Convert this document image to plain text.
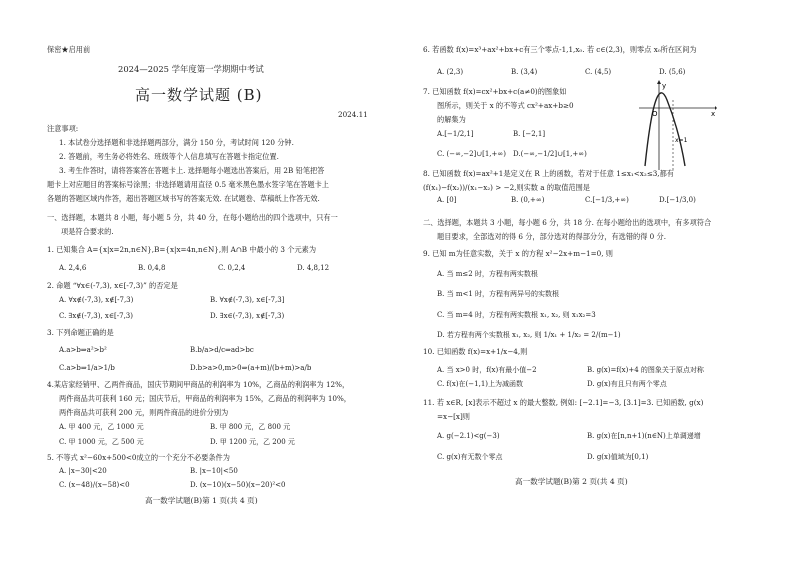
保密★启用前
2024—2025 学年度第一学期期中考试
高一数学试题 (B)
2024.11
注意事项:
1. 本试卷分选择题和非选择题两部分，满分 150 分，考试时间 120 分钟.
2. 答题前，考生务必将姓名、班级等个人信息填写在答题卡指定位置.
3. 考生作答时，请将答案答在答题卡上. 选择题每小题选出答案后，用 2B 铅笔把答
题卡上对应题目的答案标号涂黑；非选择题请用直径 0.5 毫米黑色墨水签字笔在答题卡上
各题的答题区域内作答，超出答题区域书写的答案无效. 在试题卷、草稿纸上作答无效.
一、选择题，本题共 8 小题，每小题 5 分，共 40 分，在每小题给出的四个选项中，只有一
项是符合要求的.
1. 已知集合 A={x|x=2n,n∈N},B={x|x=4n,n∈N},则 A∩B 中最小的 3 个元素为
A. 2,4,6	B. 0,4,8	C. 0,2,4	D. 4,8,12
2. 命题 “∀x∈(-7,3), x∈[-7,3)” 的否定是
A. ∀x∉(-7,3), x∉[-7,3)	B. ∀x∉(-7,3), x∈[-7,3]
C. ∃x∉(-7,3), x∈[-7,3)	D. ∃x∈(-7,3), x∉[-7,3)
3. 下列命题正确的是
A.a>b⇒a²>b²	B.b/a>d/c⇒ad>bc
C.a>b⇒1/a>1/b	D.b>a>0,m>0⇒(a+m)/(b+m)>a/b
4.某店家经销甲、乙两件商品，国庆节期间甲商品的利润率为 10%，乙商品的利润率为 12%，
两件商品共可获利 160 元；国庆节后，甲商品的利润率为 15%，乙商品的利润率为 10%，
两件商品共可获利 200 元，则两件商品的进价分别为
A. 甲 400 元，乙 1000 元	B. 甲 800 元，乙 800 元
C. 甲 1000 元，乙 500 元	D. 甲 1200 元，乙 200 元
5. 不等式 x²−60x+500<0成立的一个充分不必要条件为
A. |x−30|<20	B. |x−10|<50
C. (x−48)/(x−58)<0	D. (x−10)(x−50)(x−20)²<0
高一数学试题(B)第 1 页(共 4 页)
6. 若函数 f(x)=x³+ax²+bx+c有三个零点-1,1,x₀. 若 c∈(2,3)，则零点 x₀所在区间为
A. (2,3)	B. (3,4)	C. (4,5)	D. (5,6)
7. 已知函数 f(x)=cx²+bx+c(a≠0)的图象如
图所示，则关于 x 的不等式 cx²+ax+b≥0
的解集为
A.[−1/2,1]	B. [−2,1]
C. (−∞,−2]∪[1,+∞) D.(−∞,−1/2]∪[1,+∞)
O	x
y
x=1
8. 已知函数 f(x)=ax²+1是定义在 R 上的函数，若对于任意 1≤x₁<x₂≤3,都有
(f(x₁)−f(x₂))/(x₁−x₂) > −2,则实数 a 的取值范围是
A. [0]	B. (0,+∞)	C.[−1/3,+∞)	D.[−1/3,0)
二、选择题，本题共 3 小题，每小题 6 分，共 18 分. 在每小题给出的选项中，有多项符合
题目要求，全部选对的得 6 分，部分选对的得部分分，有选错的得 0 分.
9. 已知 m为任意实数，关于 x 的方程 x²−2x+m−1=0, 则
A. 当 m≤2 时，方程有两实数根
B. 当 m<1 时，方程有两异号的实数根
C. 当 m=4 时，方程有两实数根 x₁, x₂, 则 x₁x₂=3
D. 若方程有两个实数根 x₁, x₂, 则 1/x₁ + 1/x₂ = 2/(m−1)
10. 已知函数 f(x)=x+1/x−4,则
A. 当 x>0 时，f(x)有最小值−2	B. g(x)=f(x)+4 的图象关于原点对称
C. f(x)在(−1,1)上为减函数	D. g(x)有且只有两个零点
11. 若 x∈R, [x]表示不超过 x 的最大整数, 例如: [−2.1]=−3, [3.1]=3. 已知函数, g(x)
=x−[x]则
A. g(−2.1)<g(−3)	B. g(x)在[n,n+1)(n∈N)上单调递增
C. g(x)有无数个零点	D. g(x)值域为[0,1)
高一数学试题(B)第 2 页(共 4 页)
